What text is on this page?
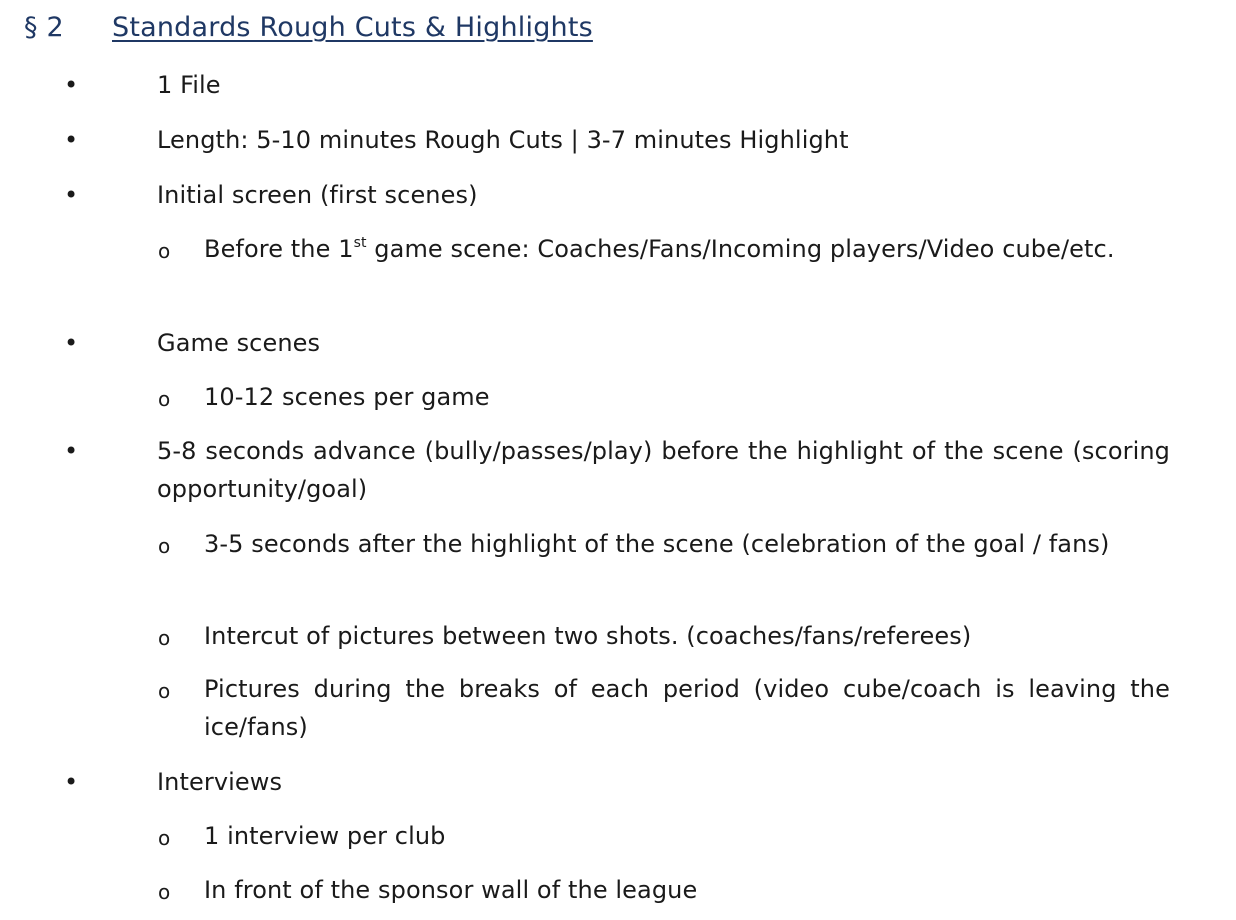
§ 2 Standards Rough Cuts & Highlights
•	1 File
•	Length: 5-10 minutes Rough Cuts | 3-7 minutes Highlight
•	Initial screen (first scenes)
o Before the 1st game scene: Coaches/Fans/Incoming players/Video cube/etc.
•	Game scenes
o 10-12 scenes per game
•	5-8 seconds advance (bully/passes/play) before the highlight of the scene (scoring opportunity/goal)
o 3-5 seconds after the highlight of the scene (celebration of the goal / fans)
o Intercut of pictures between two shots. (coaches/fans/referees)
o Pictures during the breaks of each period (video cube/coach is leaving the ice/fans)
•	Interviews
o 1 interview per club
o In front of the sponsor wall of the league
